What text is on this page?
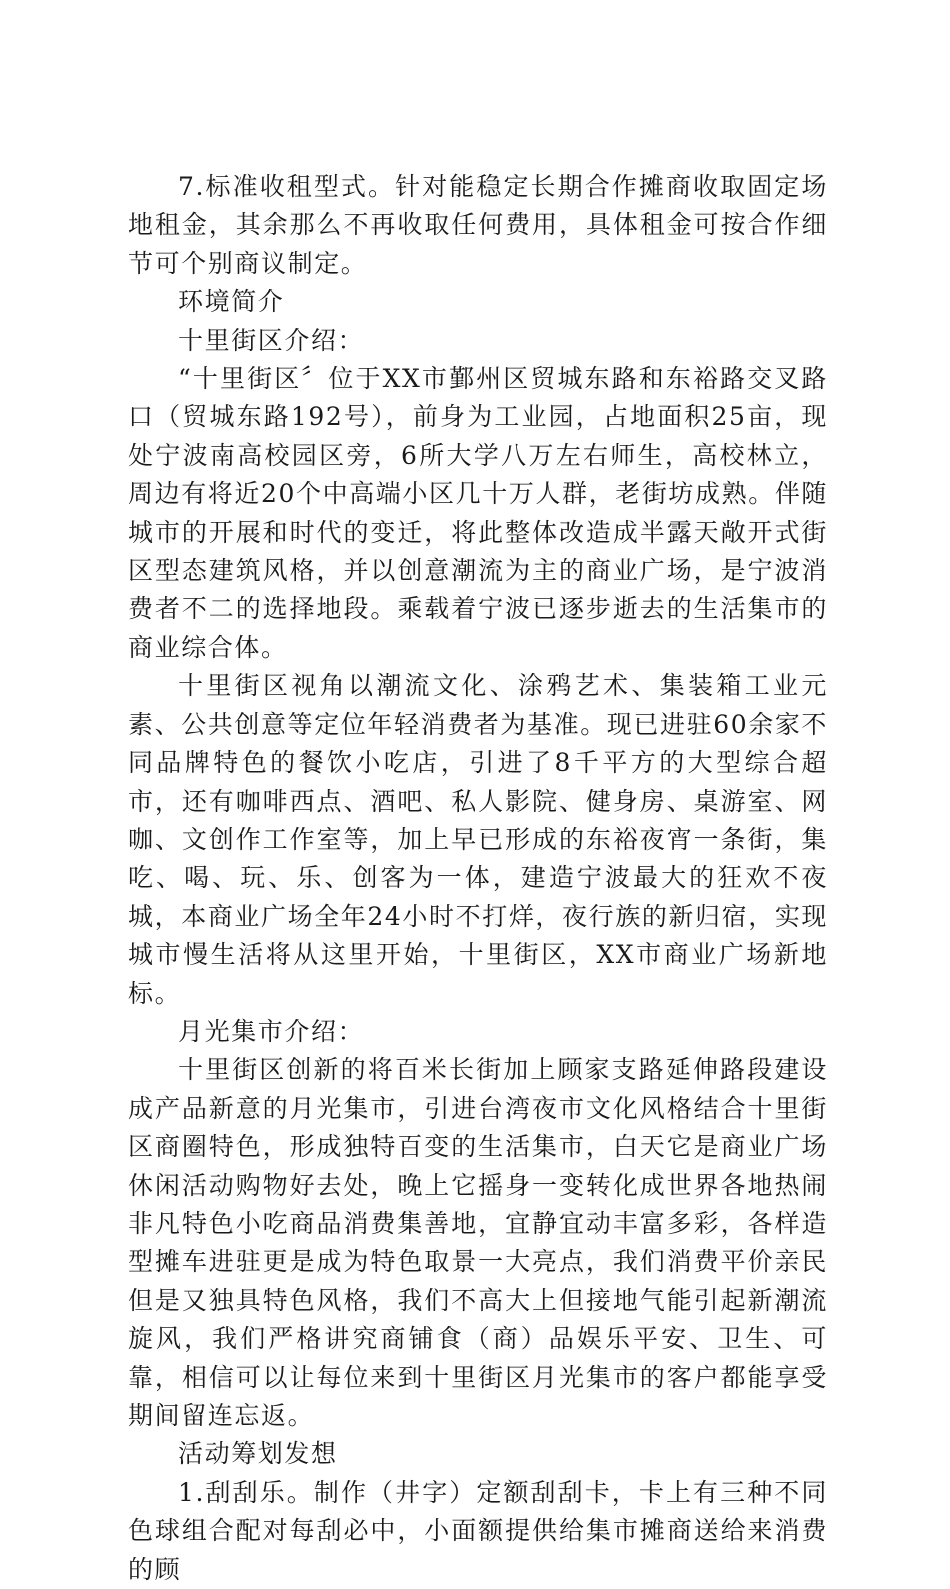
7.标准收租型式。针对能稳定长期合作摊商收取固定场地租金，其余那么不再收取任何费用，具体租金可按合作细节可个别商议制定。

环境简介

十里街区介绍：

“十里街区〞位于XX市鄞州区贸城东路和东裕路交叉路口（贸城东路192号），前身为工业园，占地面积25亩，现处宁波南高校园区旁，6所大学八万左右师生，高校林立，周边有将近20个中高端小区几十万人群，老街坊成熟。伴随城市的开展和时代的变迁，将此整体改造成半露天敞开式街区型态建筑风格，并以创意潮流为主的商业广场，是宁波消费者不二的选择地段。乘载着宁波已逐步逝去的生活集市的商业综合体。

十里街区视角以潮流文化、涂鸦艺术、集装箱工业元素、公共创意等定位年轻消费者为基准。现已进驻60余家不同品牌特色的餐饮小吃店，引进了8千平方的大型综合超市，还有咖啡西点、酒吧、私人影院、健身房、桌游室、网咖、文创作工作室等，加上早已形成的东裕夜宵一条街，集吃、喝、玩、乐、创客为一体，建造宁波最大的狂欢不夜城，本商业广场全年24小时不打烊，夜行族的新归宿，实现城市慢生活将从这里开始，十里街区，XX市商业广场新地标。

月光集市介绍：

十里街区创新的将百米长街加上顾家支路延伸路段建设成产品新意的月光集市，引进台湾夜市文化风格结合十里街区商圈特色，形成独特百变的生活集市，白天它是商业广场休闲活动购物好去处，晚上它摇身一变转化成世界各地热闹非凡特色小吃商品消费集善地，宜静宜动丰富多彩，各样造型摊车进驻更是成为特色取景一大亮点，我们消费平价亲民但是又独具特色风格，我们不高大上但接地气能引起新潮流旋风，我们严格讲究商铺食（商）品娱乐平安、卫生、可靠，相信可以让每位来到十里街区月光集市的客户都能享受期间留连忘返。

活动筹划发想

1.刮刮乐。制作（井字）定额刮刮卡，卡上有三种不同色球组合配对每刮必中，小面额提供给集市摊商送给来消费的顾
